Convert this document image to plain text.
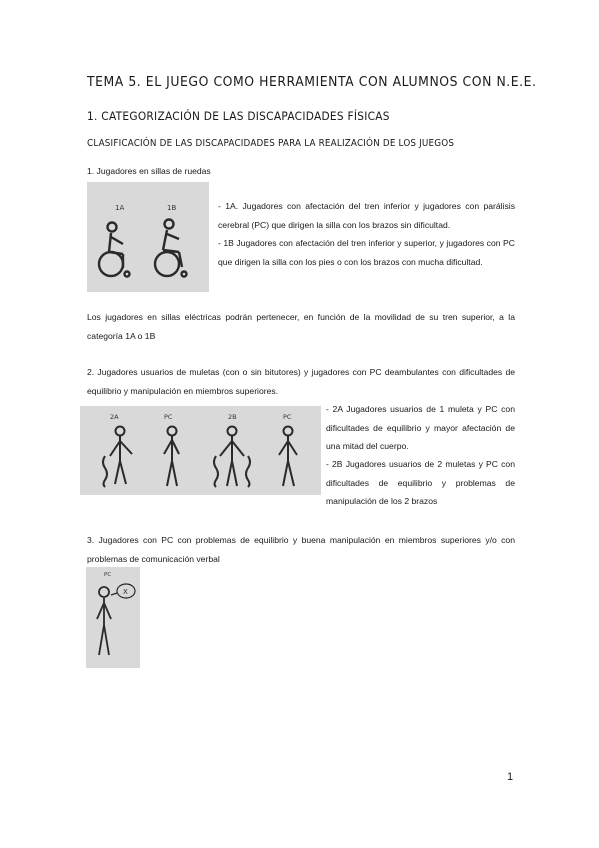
TEMA 5. EL JUEGO COMO HERRAMIENTA CON ALUMNOS CON N.E.E.
1. CATEGORIZACIÓN DE LAS DISCAPACIDADES FÍSICAS
CLASIFICACIÓN DE LAS DISCAPACIDADES PARA LA REALIZACIÓN DE LOS JUEGOS
1. Jugadores en sillas de ruedas
1A	1B	- 1A. Jugadores con afectación del tren inferior y jugadores con parálisis cerebral (PC) que dirigen la silla con los brazos sin dificultad.
- 1B Jugadores con afectación del tren inferior y superior, y jugadores con PC que dirigen la silla con los pies o con los brazos con mucha dificultad.
Los jugadores en sillas eléctricas podrán pertenecer, en función de la movilidad de su tren superior, a la categoría 1A o 1B
2. Jugadores usuarios de muletas (con o sin bitutores) y jugadores con PC deambulantes con dificultades de equilibrio y manipulación en miembros superiores.
2A	PC	2B	PC
- 2A Jugadores usuarios de 1 muleta y PC con dificultades de equilibrio y mayor afectación de una mitad del cuerpo.
- 2B Jugadores usuarios de 2 muletas y PC con dificultades de equilibrio y problemas de manipulación de los 2 brazos
3. Jugadores con PC con problemas de equilibrio y buena manipulación en miembros superiores y/o con problemas de comunicación verbal
PC
X
1
